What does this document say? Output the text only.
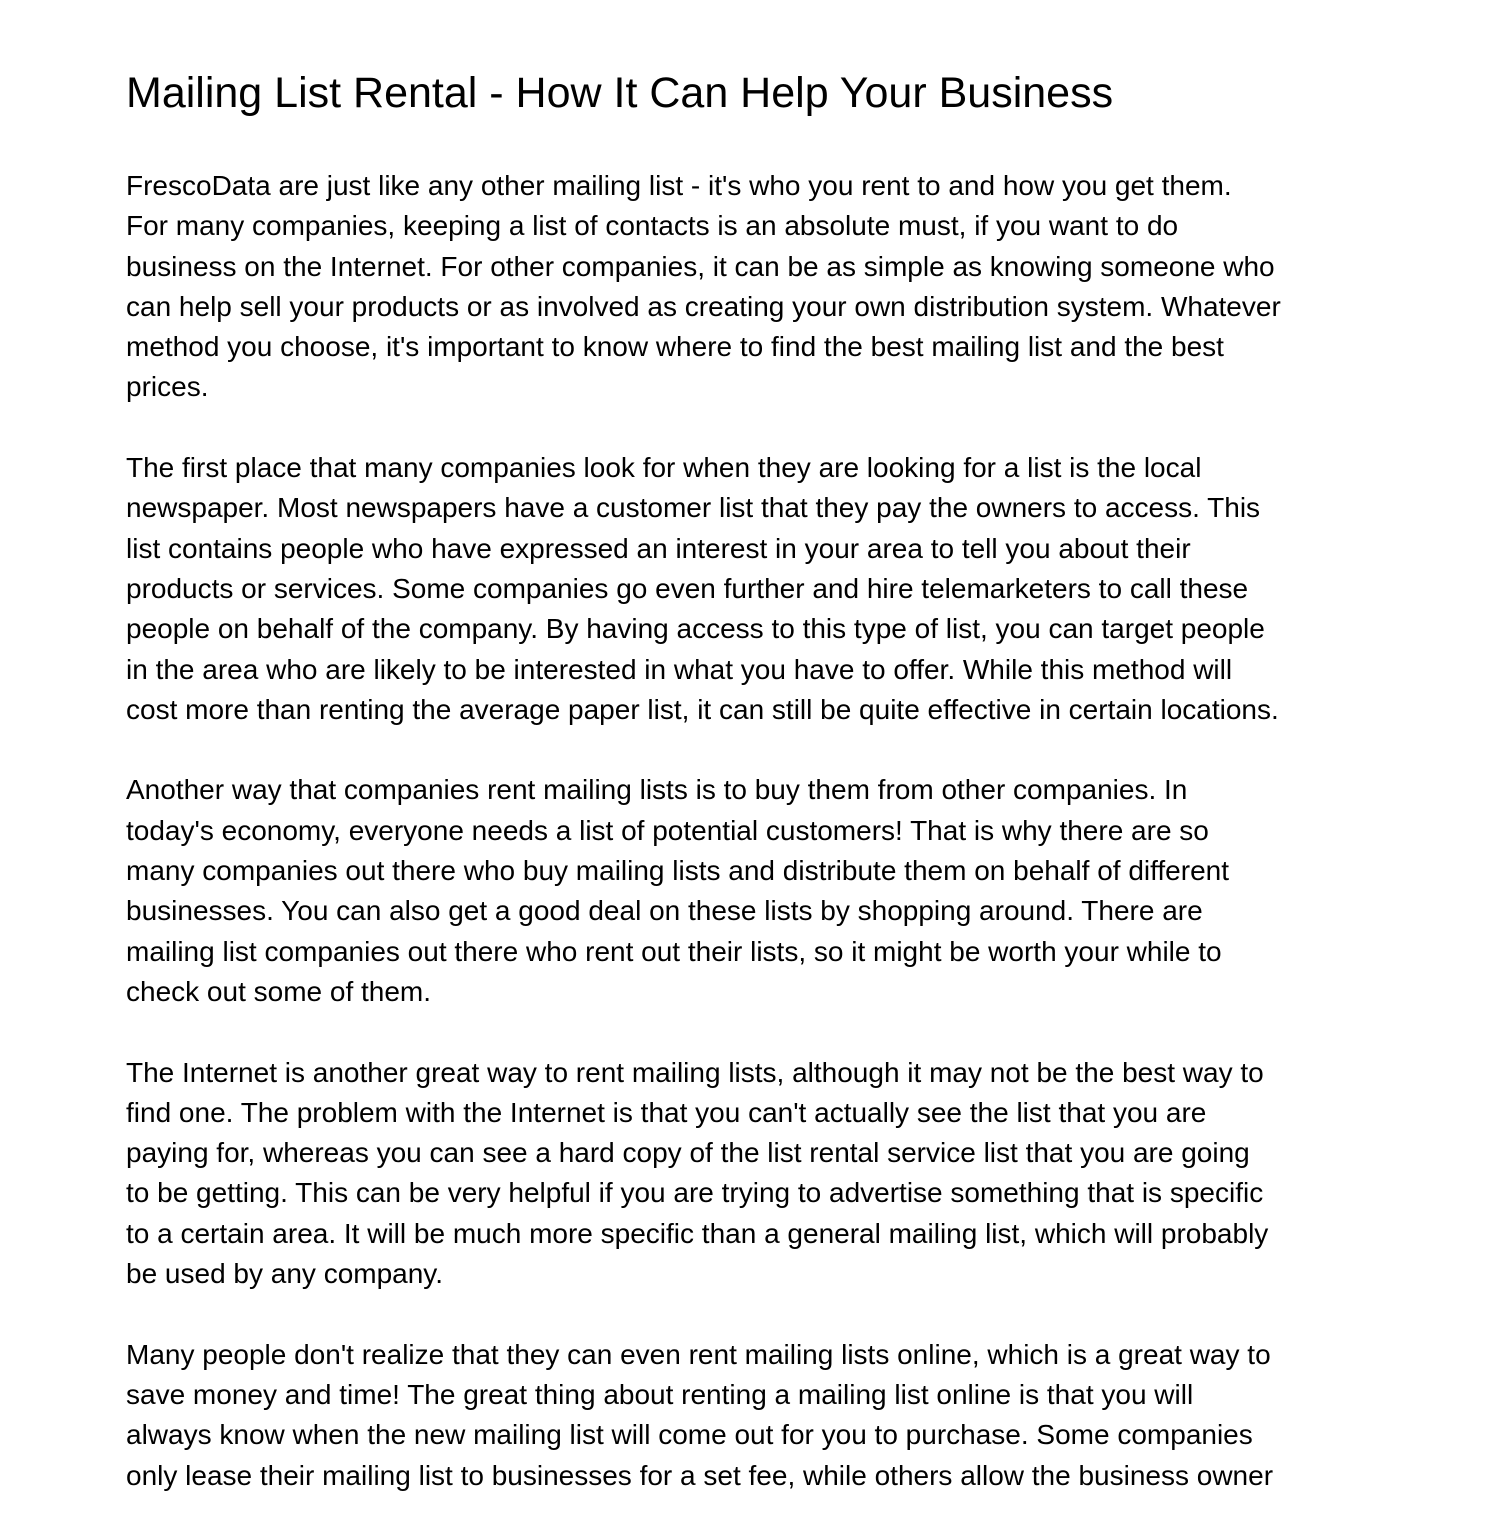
Mailing List Rental - How It Can Help Your Business

FrescoData are just like any other mailing list - it's who you rent to and how you get them.
For many companies, keeping a list of contacts is an absolute must, if you want to do
business on the Internet. For other companies, it can be as simple as knowing someone who
can help sell your products or as involved as creating your own distribution system. Whatever
method you choose, it's important to know where to find the best mailing list and the best
prices.

The first place that many companies look for when they are looking for a list is the local
newspaper. Most newspapers have a customer list that they pay the owners to access. This
list contains people who have expressed an interest in your area to tell you about their
products or services. Some companies go even further and hire telemarketers to call these
people on behalf of the company. By having access to this type of list, you can target people
in the area who are likely to be interested in what you have to offer. While this method will
cost more than renting the average paper list, it can still be quite effective in certain locations.

Another way that companies rent mailing lists is to buy them from other companies. In
today's economy, everyone needs a list of potential customers! That is why there are so
many companies out there who buy mailing lists and distribute them on behalf of different
businesses. You can also get a good deal on these lists by shopping around. There are
mailing list companies out there who rent out their lists, so it might be worth your while to
check out some of them.

The Internet is another great way to rent mailing lists, although it may not be the best way to
find one. The problem with the Internet is that you can't actually see the list that you are
paying for, whereas you can see a hard copy of the list rental service list that you are going
to be getting. This can be very helpful if you are trying to advertise something that is specific
to a certain area. It will be much more specific than a general mailing list, which will probably
be used by any company.

Many people don't realize that they can even rent mailing lists online, which is a great way to
save money and time! The great thing about renting a mailing list online is that you will
always know when the new mailing list will come out for you to purchase. Some companies
only lease their mailing list to businesses for a set fee, while others allow the business owner
